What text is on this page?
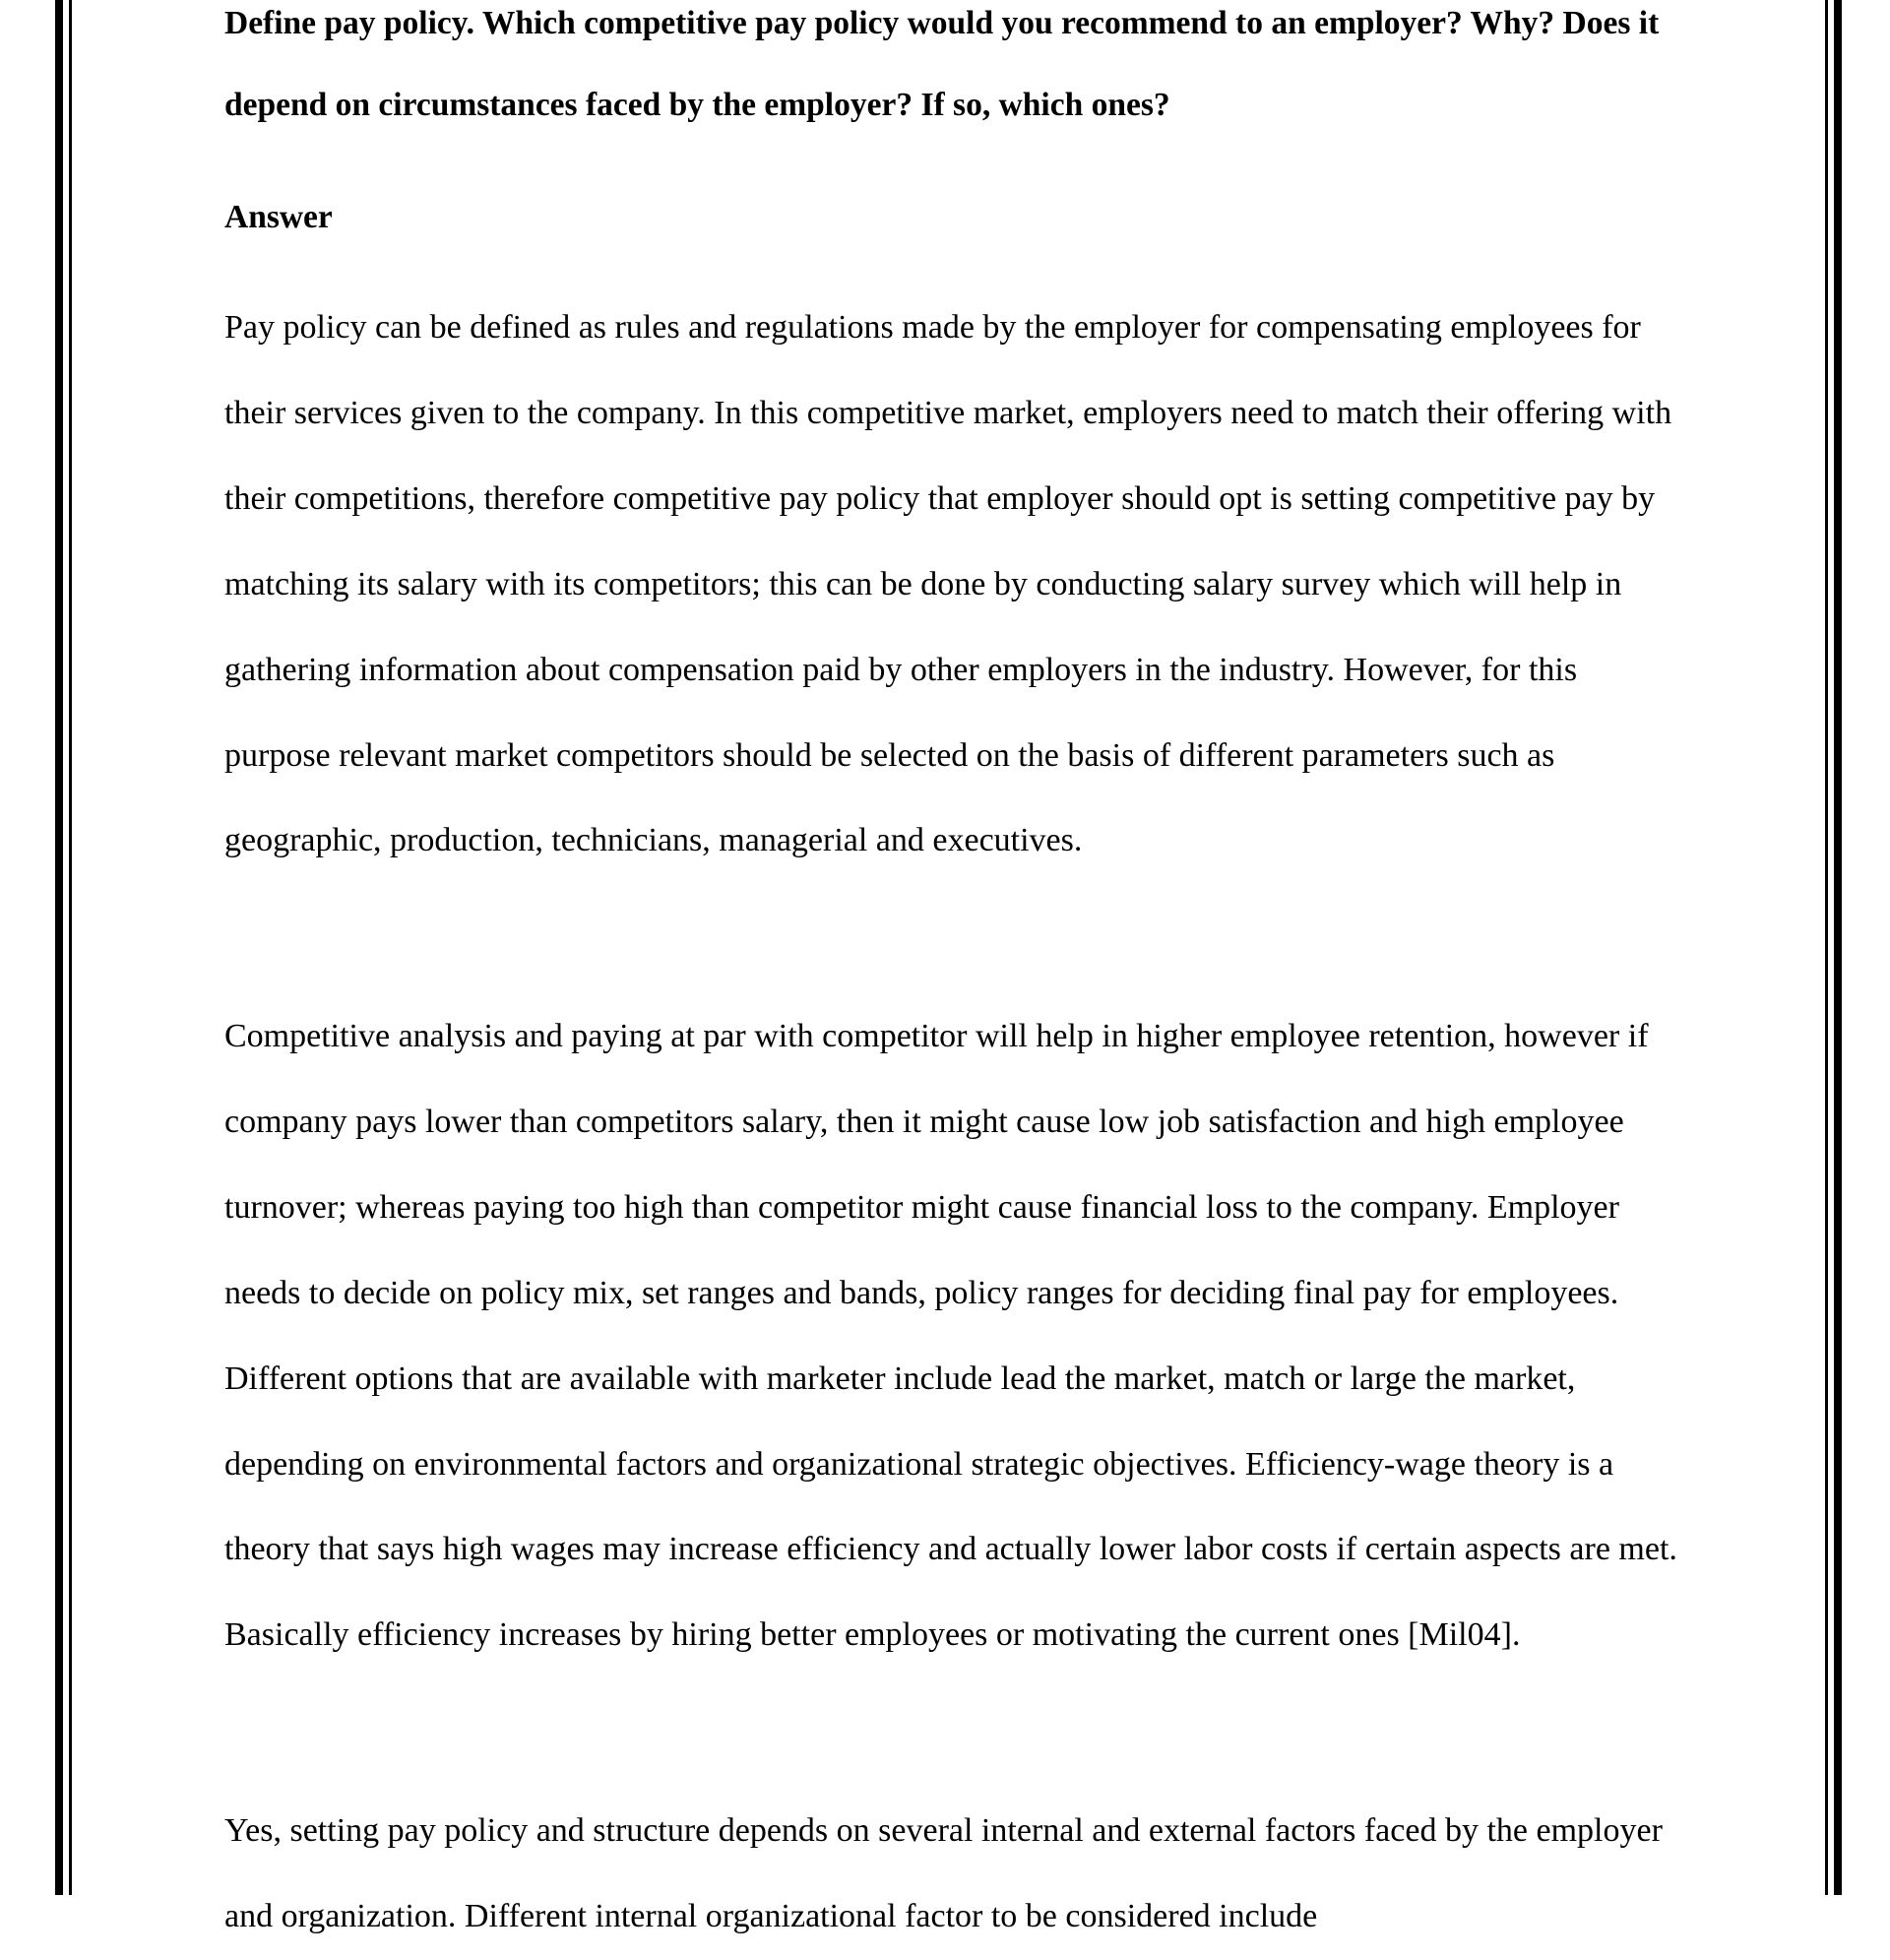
Define pay policy. Which competitive pay policy would you recommend to an employer? Why? Does it depend on circumstances faced by the employer? If so, which ones?

Answer

Pay policy can be defined as rules and regulations made by the employer for compensating employees for their services given to the company. In this competitive market, employers need to match their offering with their competitions, therefore competitive pay policy that employer should opt is setting competitive pay by matching its salary with its competitors; this can be done by conducting salary survey which will help in gathering information about compensation paid by other employers in the industry. However, for this purpose relevant market competitors should be selected on the basis of different parameters such as geographic, production, technicians, managerial and executives.

Competitive analysis and paying at par with competitor will help in higher employee retention, however if company pays lower than competitors salary, then it might cause low job satisfaction and high employee turnover; whereas paying too high than competitor might cause financial loss to the company. Employer needs to decide on policy mix, set ranges and bands, policy ranges for deciding final pay for employees. Different options that are available with marketer include lead the market, match or large the market, depending on environmental factors and organizational strategic objectives. Efficiency-wage theory is a theory that says high wages may increase efficiency and actually lower labor costs if certain aspects are met. Basically efficiency increases by hiring better employees or motivating the current ones [Mil04].

Yes, setting pay policy and structure depends on several internal and external factors faced by the employer and organization. Different internal organizational factor to be considered include
